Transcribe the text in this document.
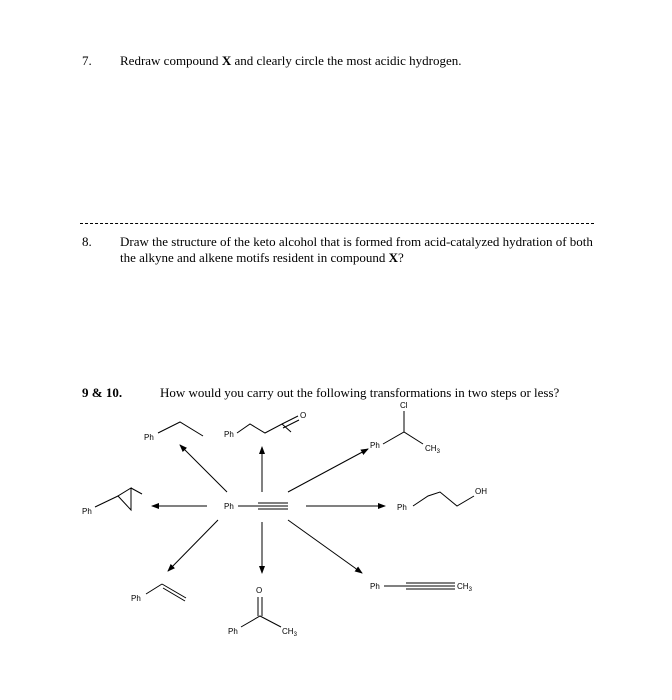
7. Redraw compound X and clearly circle the most acidic hydrogen.
8. Draw the structure of the keto alcohol that is formed from acid-catalyzed hydration of both
the alkyne and alkene motifs resident in compound X?
9 & 10.	How would you carry out the following transformations in two steps or less?
Ph
Ph	Ph
O
Cl
Ph	$CH_3$
Ph	Ph
OH
Ph
O
Ph	$CH_3$
Ph	$CH_3$
